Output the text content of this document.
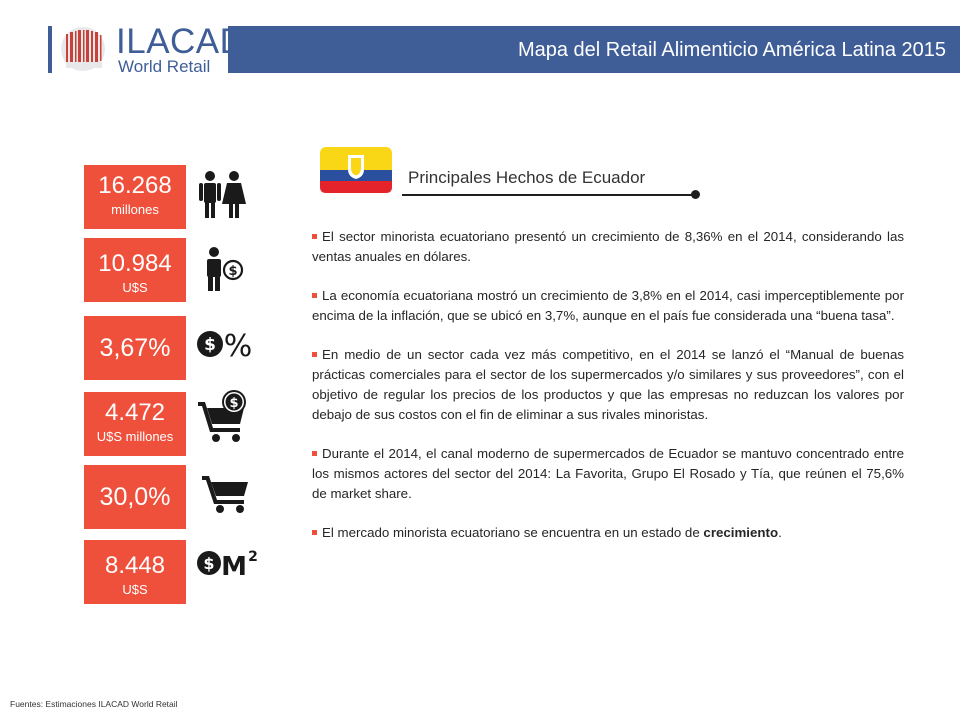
ILACAD
World Retail
Mapa del Retail Alimenticio América Latina 2015
16.268
millones
10.984
U$S
$
3,67%	$ %
4.472
U$S millones
$
30,0%
8.448
U$S
$ M 2
Principales Hechos de Ecuador
El sector minorista ecuatoriano presentó un crecimiento de 8,36% en el 2014, considerando las ventas anuales en dólares.
La economía ecuatoriana mostró un crecimiento de 3,8% en el 2014, casi imperceptiblemente por encima de la inflación, que se ubicó en 3,7%, aunque en el país fue considerada una “buena tasa”.
En medio de un sector cada vez más competitivo, en el 2014 se lanzó el “Manual de buenas prácticas comerciales para el sector de los supermercados y/o similares y sus proveedores”, con el objetivo de regular los precios de los productos y que las empresas no reduzcan los valores por debajo de sus costos con el fin de eliminar a sus rivales minoristas.
Durante el 2014, el canal moderno de supermercados de Ecuador se mantuvo concentrado entre los mismos actores del sector del 2014: La Favorita, Grupo El Rosado y Tía, que reúnen el 75,6% de market share.
El mercado minorista ecuatoriano se encuentra en un estado de crecimiento.
Fuentes: Estimaciones ILACAD World Retail
